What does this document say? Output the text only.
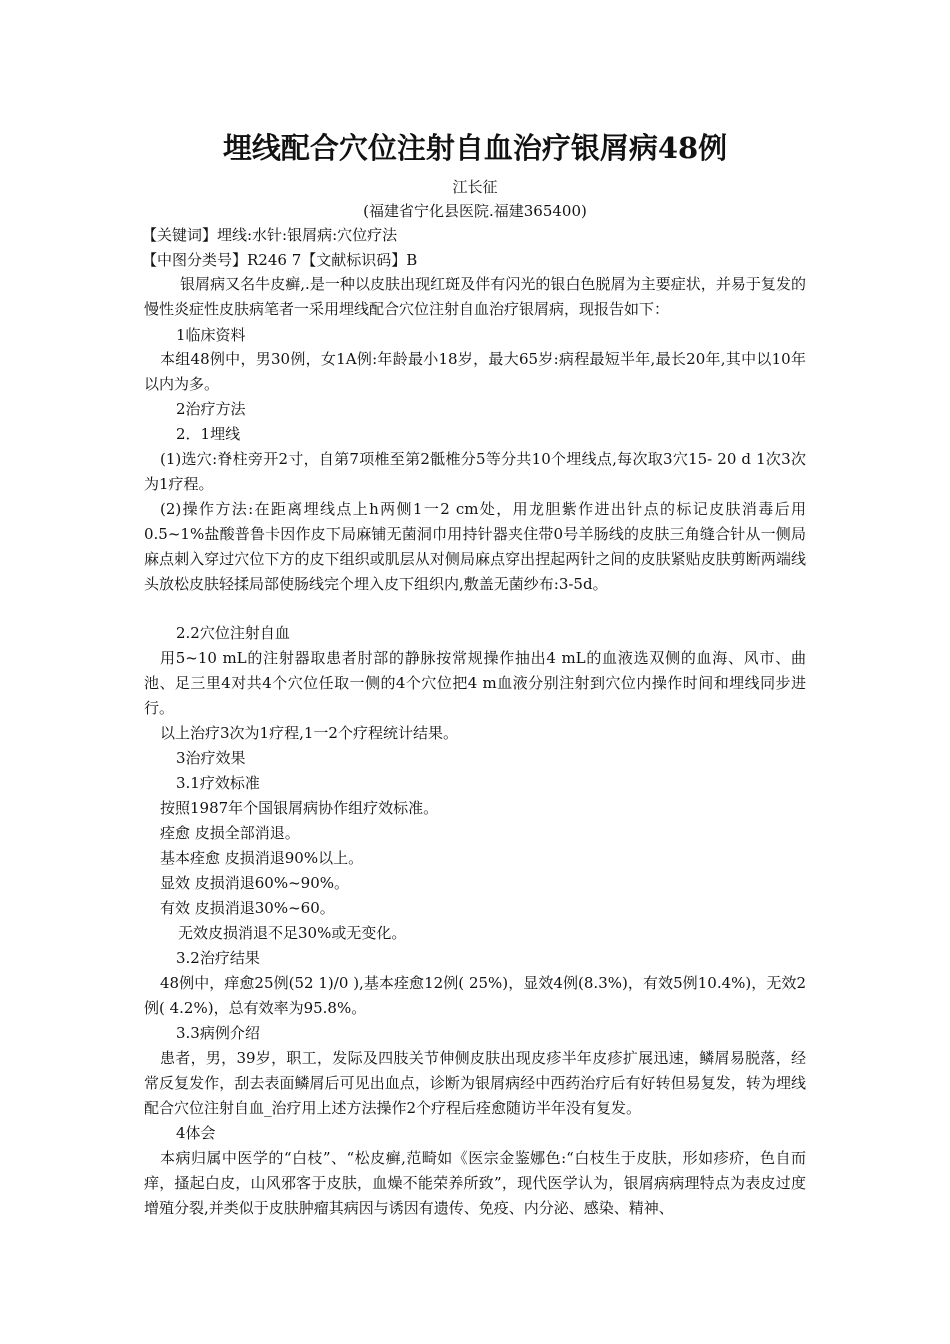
埋线配合穴位注射自血治疗银屑病48例
江长征
(福建省宁化县医院.福建365400)
【关键词】埋线:水针:银屑病:穴位疗法
【中图分类号】R246 7【文献标识码】B
银屑病又名牛皮癣,.是一种以皮肤出现红斑及伴有闪光的银白色脱屑为主要症状，并易于复发的慢性炎症性皮肤病笔者一采用埋线配合穴位注射自血治疗银屑病，现报告如下：
1临床资料
本组48例中，男30例，女1A例:年龄最小18岁，最大65岁:病程最短半年,最长20年,其中以10年以内为多。
2治疗方法
2．1埋线
(1)选穴:脊柱旁开2寸，自第7项椎至第2骶椎分5等分共10个埋线点,每次取3穴15- 20 d 1次3次为1疗程。
(2)操作方法:在距离埋线点上h两侧1一2 cm处，用龙胆紫作进出针点的标记皮肤消毒后用0.5~1%盐酸普鲁卡因作皮下局麻铺无菌洞巾用持针器夹住带0号羊肠线的皮肤三角缝合针从一侧局麻点刺入穿过穴位下方的皮下组织或肌层从对侧局麻点穿出捏起两针之间的皮肤紧贴皮肤剪断两端线头放松皮肤轻揉局部使肠线完个埋入皮下组织内,敷盖无菌纱布:3-5d。
2.2穴位注射自血
用5~10 mL的注射器取患者肘部的静脉按常规操作抽出4 mL的血液选双侧的血海、风市、曲池、足三里4对共4个穴位任取一侧的4个穴位把4 m血液分别注射到穴位内操作时间和埋线同步进行。
以上治疗3次为1疗程,1一2个疗程统计结果。
3治疗效果
3.1疗效标准
按照1987年个国银屑病协作组疗效标准。
痊愈 皮损全部消退。
基本痊愈 皮损消退90%以上。
显效 皮损消退60%~90%。
有效 皮损消退30%~60。
无效皮损消退不足30%或无变化。
3.2治疗结果
48例中，痒愈25例(52 1)/0 ),基本痊愈12例( 25%)，显效4例(8.3%)，有效5例10.4%)，无效2例( 4.2%)，总有效率为95.8%。
3.3病例介绍
患者，男，39岁，职工，发际及四肢关节伸侧皮肤出现皮疹半年皮疹扩展迅速，鳞屑易脱落，经常反复发作，刮去表面鳞屑后可见出血点，诊断为银屑病经中西药治疗后有好转但易复发，转为埋线配合穴位注射自血_治疗用上述方法操作2个疗程后痊愈随访半年没有复发。
4体会
本病归属中医学的“白枝”、“松皮癣,范畸如《医宗金鉴娜色:“白枝生于皮肤，形如疹疥，色自而痒，搔起白皮，山风邪客于皮肤，血燥不能荣养所致”，现代医学认为，银屑病病理特点为表皮过度增殖分裂,并类似于皮肤肿瘤其病因与诱因有遗传、免疫、内分泌、感染、精神、
